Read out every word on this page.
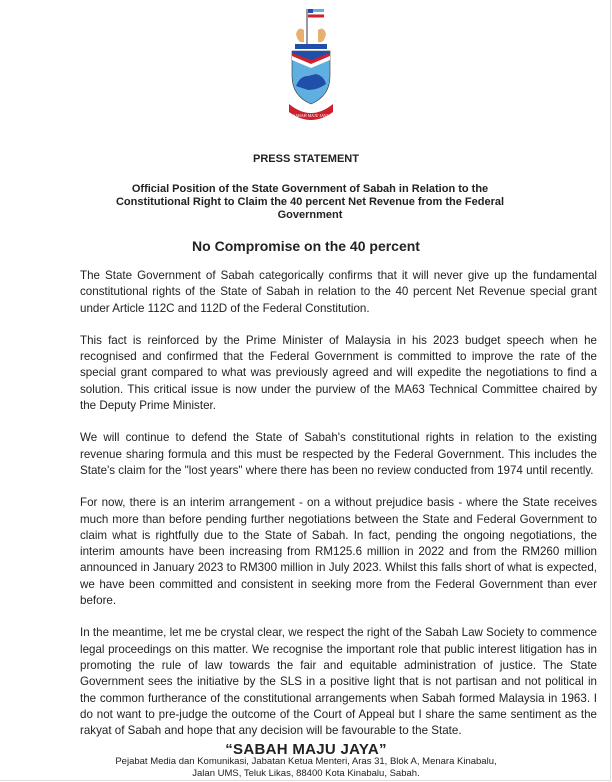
SABAH MAJU JAYA
PRESS STATEMENT
Official Position of the State Government of Sabah in Relation to the Constitutional Right to Claim the 40 percent Net Revenue from the Federal Government
No Compromise on the 40 percent

The State Government of Sabah categorically confirms that it will never give up the fundamental constitutional rights of the State of Sabah in relation to the 40 percent Net Revenue special grant under Article 112C and 112D of the Federal Constitution.

This fact is reinforced by the Prime Minister of Malaysia in his 2023 budget speech when he recognised and confirmed that the Federal Government is committed to improve the rate of the special grant compared to what was previously agreed and will expedite the negotiations to find a solution. This critical issue is now under the purview of the MA63 Technical Committee chaired by the Deputy Prime Minister.

We will continue to defend the State of Sabah's constitutional rights in relation to the existing revenue sharing formula and this must be respected by the Federal Government. This includes the State's claim for the "lost years" where there has been no review conducted from 1974 until recently.

For now, there is an interim arrangement - on a without prejudice basis - where the State receives much more than before pending further negotiations between the State and Federal Government to claim what is rightfully due to the State of Sabah. In fact, pending the ongoing negotiations, the interim amounts have been increasing from RM125.6 million in 2022 and from the RM260 million announced in January 2023 to RM300 million in July 2023. Whilst this falls short of what is expected, we have been committed and consistent in seeking more from the Federal Government than ever before.

In the meantime, let me be crystal clear, we respect the right of the Sabah Law Society to commence legal proceedings on this matter. We recognise the important role that public interest litigation has in promoting the rule of law towards the fair and equitable administration of justice. The State Government sees the initiative by the SLS in a positive light that is not partisan and not political in the common furtherance of the constitutional arrangements when Sabah formed Malaysia in 1963. I do not want to pre-judge the outcome of the Court of Appeal but I share the same sentiment as the rakyat of Sabah and hope that any decision will be favourable to the State.

“SABAH MAJU JAYA”
Pejabat Media dan Komunikasi, Jabatan Ketua Menteri, Aras 31, Blok A, Menara Kinabalu,
Jalan UMS, Teluk Likas, 88400 Kota Kinabalu, Sabah.
